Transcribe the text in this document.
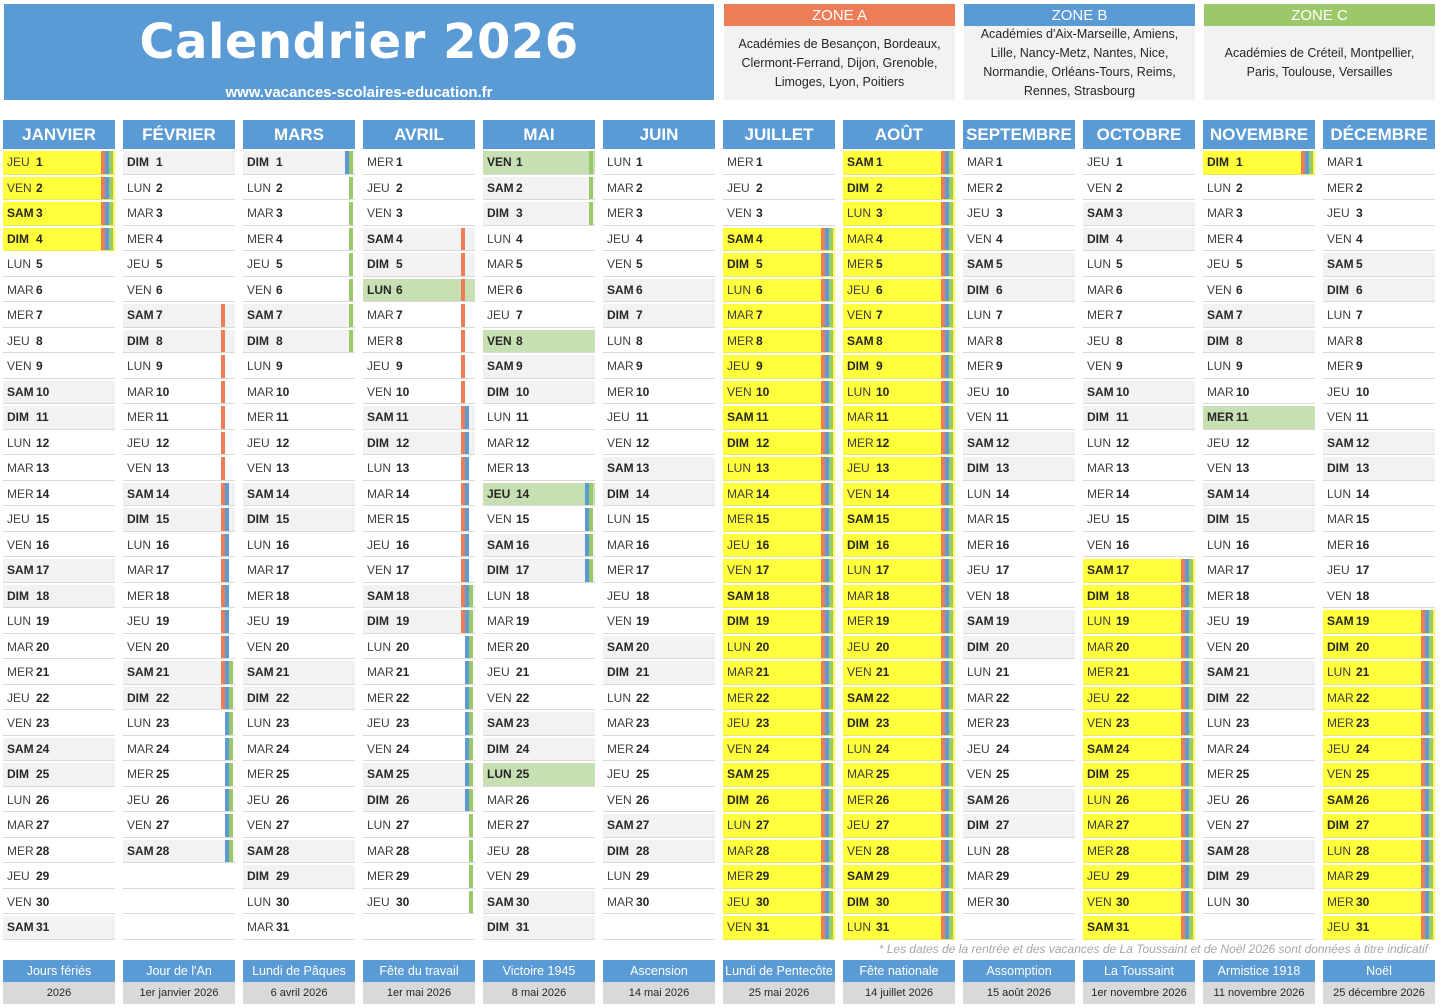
Calendrier 2026
www.vacances-scolaires-education.fr
ZONE A
Académies de Besançon, Bordeaux, Clermont-Ferrand, Dijon, Grenoble, Limoges, Lyon, Poitiers
ZONE B
Académies d'Aix-Marseille, Amiens, Lille, Nancy-Metz, Nantes, Nice, Normandie, Orléans-Tours, Reims, Rennes, Strasbourg
ZONE C
Académies de Créteil, Montpellier, Paris, Toulouse, Versailles
JANVIER
JEU 1
VEN 2
SAM 3
DIM 4
LUN 5
MAR 6
MER 7
JEU 8
VEN 9
SAM 10
DIM 11
LUN 12
MAR 13
MER 14
JEU 15
VEN 16
SAM 17
DIM 18
LUN 19
MAR 20
MER 21
JEU 22
VEN 23
SAM 24
DIM 25
LUN 26
MAR 27
MER 28
JEU 29
VEN 30
SAM 31
FÉVRIER
DIM 1
LUN 2
MAR 3
MER 4
JEU 5
VEN 6
SAM 7
DIM 8
LUN 9
MAR 10
MER 11
JEU 12
VEN 13
SAM 14
DIM 15
LUN 16
MAR 17
MER 18
JEU 19
VEN 20
SAM 21
DIM 22
LUN 23
MAR 24
MER 25
JEU 26
VEN 27
SAM 28
MARS
DIM 1
LUN 2
MAR 3
MER 4
JEU 5
VEN 6
SAM 7
DIM 8
LUN 9
MAR 10
MER 11
JEU 12
VEN 13
SAM 14
DIM 15
LUN 16
MAR 17
MER 18
JEU 19
VEN 20
SAM 21
DIM 22
LUN 23
MAR 24
MER 25
JEU 26
VEN 27
SAM 28
DIM 29
LUN 30
MAR 31
AVRIL
MER 1
JEU 2
VEN 3
SAM 4
DIM 5
LUN 6
MAR 7
MER 8
JEU 9
VEN 10
SAM 11
DIM 12
LUN 13
MAR 14
MER 15
JEU 16
VEN 17
SAM 18
DIM 19
LUN 20
MAR 21
MER 22
JEU 23
VEN 24
SAM 25
DIM 26
LUN 27
MAR 28
MER 29
JEU 30
MAI
VEN 1
SAM 2
DIM 3
LUN 4
MAR 5
MER 6
JEU 7
VEN 8
SAM 9
DIM 10
LUN 11
MAR 12
MER 13
JEU 14
VEN 15
SAM 16
DIM 17
LUN 18
MAR 19
MER 20
JEU 21
VEN 22
SAM 23
DIM 24
LUN 25
MAR 26
MER 27
JEU 28
VEN 29
SAM 30
DIM 31
JUIN
LUN 1
MAR 2
MER 3
JEU 4
VEN 5
SAM 6
DIM 7
LUN 8
MAR 9
MER 10
JEU 11
VEN 12
SAM 13
DIM 14
LUN 15
MAR 16
MER 17
JEU 18
VEN 19
SAM 20
DIM 21
LUN 22
MAR 23
MER 24
JEU 25
VEN 26
SAM 27
DIM 28
LUN 29
MAR 30
JUILLET
MER 1
JEU 2
VEN 3
SAM 4
DIM 5
LUN 6
MAR 7
MER 8
JEU 9
VEN 10
SAM 11
DIM 12
LUN 13
MAR 14
MER 15
JEU 16
VEN 17
SAM 18
DIM 19
LUN 20
MAR 21
MER 22
JEU 23
VEN 24
SAM 25
DIM 26
LUN 27
MAR 28
MER 29
JEU 30
VEN 31
AOÛT
SAM 1
DIM 2
LUN 3
MAR 4
MER 5
JEU 6
VEN 7
SAM 8
DIM 9
LUN 10
MAR 11
MER 12
JEU 13
VEN 14
SAM 15
DIM 16
LUN 17
MAR 18
MER 19
JEU 20
VEN 21
SAM 22
DIM 23
LUN 24
MAR 25
MER 26
JEU 27
VEN 28
SAM 29
DIM 30
LUN 31
SEPTEMBRE
MAR 1
MER 2
JEU 3
VEN 4
SAM 5
DIM 6
LUN 7
MAR 8
MER 9
JEU 10
VEN 11
SAM 12
DIM 13
LUN 14
MAR 15
MER 16
JEU 17
VEN 18
SAM 19
DIM 20
LUN 21
MAR 22
MER 23
JEU 24
VEN 25
SAM 26
DIM 27
LUN 28
MAR 29
MER 30
OCTOBRE
JEU 1
VEN 2
SAM 3
DIM 4
LUN 5
MAR 6
MER 7
JEU 8
VEN 9
SAM 10
DIM 11
LUN 12
MAR 13
MER 14
JEU 15
VEN 16
SAM 17
DIM 18
LUN 19
MAR 20
MER 21
JEU 22
VEN 23
SAM 24
DIM 25
LUN 26
MAR 27
MER 28
JEU 29
VEN 30
SAM 31
NOVEMBRE
DIM 1
LUN 2
MAR 3
MER 4
JEU 5
VEN 6
SAM 7
DIM 8
LUN 9
MAR 10
MER 11
JEU 12
VEN 13
SAM 14
DIM 15
LUN 16
MAR 17
MER 18
JEU 19
VEN 20
SAM 21
DIM 22
LUN 23
MAR 24
MER 25
JEU 26
VEN 27
SAM 28
DIM 29
LUN 30
DÉCEMBRE
MAR 1
MER 2
JEU 3
VEN 4
SAM 5
DIM 6
LUN 7
MAR 8
MER 9
JEU 10
VEN 11
SAM 12
DIM 13
LUN 14
MAR 15
MER 16
JEU 17
VEN 18
SAM 19
DIM 20
LUN 21
MAR 22
MER 23
JEU 24
VEN 25
SAM 26
DIM 27
LUN 28
MAR 29
MER 30
JEU 31
* Les dates de la rentrée et des vacances de La Toussaint et de Noël 2026 sont données à titre indicatif
Jours fériés
2026
Jour de l'An
1er janvier 2026
Lundi de Pâques
6 avril 2026
Fête du travail
1er mai 2026
Victoire 1945
8 mai 2026
Ascension
14 mai 2026
Lundi de Pentecôte
25 mai 2026
Fête nationale
14 juillet 2026
Assomption
15 août 2026
La Toussaint
1er novembre 2026
Armistice 1918
11 novembre 2026
Noël
25 décembre 2026
